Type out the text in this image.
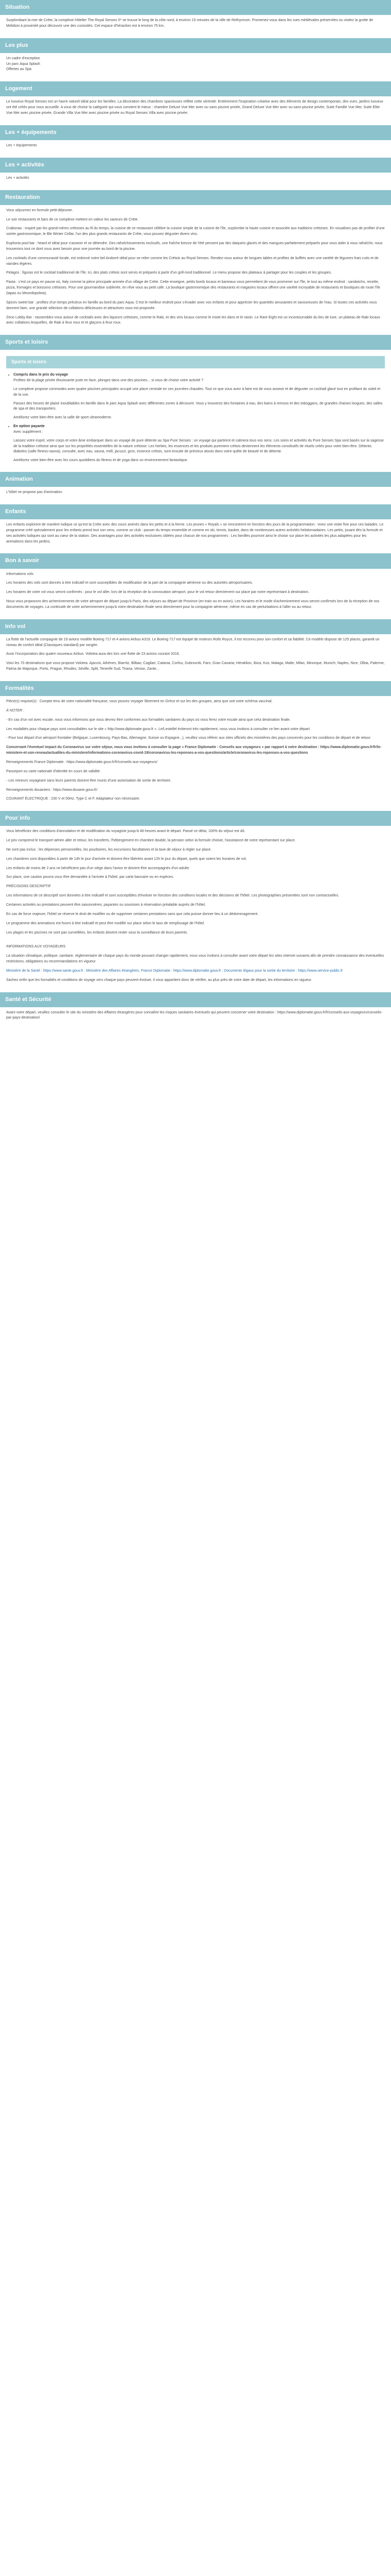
Situation

Surplombant la mer de Crète, la complexe hôtelier The Royal Senses 5* se trouve le long de la côte nord, à environ 15 minutes de la ville de Rethymnon. Promenez-vous dans les rues médiévales préservées ou visitez la grotte de Melidoni à proximité pour découvrir une des curiosités. Cet espace d'héraclion est à environ 75 km.

Les plus

Un cadre d'exception

Un parc Aqua Splash

Offertes au Spa

Logement

Le luxueux Royal Senses est un havre naturel idéal pour les familles. La décoration des chambres spacieuses reflète cette sérénité. Entièrement l'inspiration créative avec des éléments de design contemporain, des vues, jardins luxueux ont été créés pour vous accueillir. A vous de choisir la catégorie qui vous convient le mieux : chambre Deluxe Vue Mer avec ou sans piscine privée, Grand Deluxe Vue Mer avec ou sans piscine privée, Suite Famille Vue Mer, Suite Elite Vue Mer avec piscine privée, Grande Villa Vue Mer avec piscine privée ou Royal Senses Villa avec piscine privée.

Les + équipements

Les + équipements

Les + activités

Les + activités

Restauration

Vous séjournez en formule petit-déjeuner.

Le soir restaurants et bars de ce complexe mettent en valeur les saveurs de Crète.

Crabonas : inspiré par les grand-mères crétoises au fil du temps, la cuisine de ce restaurant célèbre la cuisine simple de la cuisine de l'île, surplombe la haute cuisine et associée aux traditions crétoises. En visualisez pas de profiter d'une soirée gastronomique, le Ble Winter Cellar, l'un des plus grands restaurants de Crète, vous pouvez déguster divers vins.

Euphoria pool bar : heard et idéal pour s'asseoir et se détendre. Des rafraîchissements exclusifs, une fraîche brezze de l'été pensent par des daiquiris glacés et des mangues parfaitement préparés pour vous aider à vous rafraîchir, nous trouverons tout ce dont vous avez besoin pour une journée au bord de la piscine.

Les cocktails d'une communauté locale, est ordonné notre bel Andorré idéal pour se relier comme les Crétois au Royal Senses. Rendez-vous autour de longues tables et profitez de buffets avec une variété de légumes frais cuits et de viandes légères.

Pelagos : figuras est le cocktail traditionnel de l'île. Ici, des plats crétois sont servis et préparés à partir d'un grill-rond traditionnel. Le menu propose des plateaux à partager pour les couples et les groupes.

Pasta : c'est ce pays en pause où, Italy comme la pièce principale animée d'un village de Crète. Cette enseigne, petits bords locaux et barreaux vous permettent de vous promener sur l'île, le tout au même endroit : sandwichs, recette, pizza, fromages et boissons crétoises. Pour une gourmandise sublimée, en rêve vous au petit café. La boutique gastronomique des restaurants et magasins locaux offrent une variété incroyable de restaurants et boutiques de route l'île (tapas ou Mezedopoleia).

Spices sweet bar : profitez d'un temps précieux en famille au bord du parc Aqua. C'est le meilleur endroit pour s'évader avec vos enfants et pour apprécier les quantités amusantes et savoureuses de l'eau. Si toutes ces activités vous donnent faim, une grande sélection de collations délicieuses et attractives vous est proposée.

Zeno Lobby Bar : rassemblez-vous autour de cocktails avec des liqueurs crétoises, comme le Raki, et des vins locaux comme le mixte les dans et le raisin. Le Rare Eight est un incontournable du lieu de luxe, un plateau de Raki locaux avec collations lesquelles, de Raki à feux roux et et glaçons à feux roux.

Sports et loisirs
Sports et loisirs
• Compris dans le prix du voyage
Profitez de la plage privée élouissante juste en face, plongez dans une des piscines... si vous de choisir votre activité ?
Le complexe propose commodes avec quatre piscines principales occupé une place centrale en ces journées chaudes. Tout ce que vous avez à faire est de vous asseoir et de déguster un cocktail glacé tout en profitant du soleil et de la vue.
Passez des heures de plaisir inoubliables en famille dans le parc Aqua Splash avec différentes zones à découvrir. Vous y trouverez des fontaines à eau, des bains à remous et des toboggans, de grandes chaises longues, des salles de spa et des transporters.
Améliorez votre bien-être avec la salle de sport ultramoderne.
• En option payante
Avec supplément :
Laissez votre esprit, votre corps et votre âme embarquer dans un voyage de pure détente au Spa Pure Senses : un voyage qui partirent et calmera tous vos sens. Les soins et activités du Pure Senses Spa sont basés sur la sagesse de la tradition crétoise ainsi que sur les propriétés essentielles de la nature crétoise. Les herbes, les essences et les produits purement crétois deviennent les éléments constitutifs de rituels créés pour votre bien-être. Détente, diabolos (salle fitness-sauna), consulte, avec eau, sauna, méli, jacuzzi, gros, essence crétois, sont ensuite de précieux atouts dans votre quête de beauté et de détente.
Améliorez votre bien-être avec les cours quotidiens du fitness et de yoga dans un environnement fantastique.
Animation

L'hôtel ne propose pas d'animation.

Enfants

Les enfants explorent de manière ludique ce qu'est la Crète avec des cours animés dans les petits et à la ferme. Les jeunes « Royals » se rencontrent en fonction des jours de la programmation : vivez une visite fine pour ces balades. Le programme créé spécialement pour les enfants prend tout son sens, comme un club : passer du temps ensemble et comme en ski, tennis, basket, dans de nombreuses autres activités hebdomadaires. Les petits, jouant dès la formule et ses activités ludiques qui sont au cœur de la station. Des avantages pour des activités exclusives ciblées pour chacun de nos programmes : Les familles pourront ainsi le choisir sur place les activités les plus adaptées pour les animations dans les jardins.

Bon à savoir

Informations vols

Les horaires des vols sont donnés à titre indicatif et sont susceptibles de modification de la part de la compagnie aérienne ou des autorités aéroportuaires.

Les horaires de votre vol vous seront confirmés : pour le vol aller, lors de la réception de la convocation aéroport, pour le vol retour directement sur place par notre représentant à destination.

Nous vous proposons des acheminements de votre aéroport de départ jusqu'à Paris, des séjours au départ de Province (en train ou en avion). Les horaires et le mode d'acheminement vous seront confirmés lors de la réception de vos documents de voyages. La continuité de votre acheminement jusqu'à votre destination finale sera directement pour la compagnie aérienne, même en cas de perturbations à l'aller ou au retour.

Info vol

La flotte de l'actuelle compagnie de 19 avions modèle Boeing 717 et 4 avions Airbus A319. Le Boeing 717 est équipé de moteurs Rolls Royce, il est reconnu pour son confort et sa fiabilité. Ce modèle dispose de 125 places, garantit un niveau de confort idéal (Classiques standard) par rangée.

Avoir l'incorporation des quatre nouveaux Airbus. Voletea aura des lors une flotte de 23 avions courant 2016.

Voici les 70 destinations que vous propose Volotea. Ajaccio, Athènes, Biarritz, Bilbao, Cagliari, Catania, Corfou, Dubrovnik, Faro, Gran Canaria, Héraklion, Ibiza, Kos, Malaga, Malte, Milan, Minorque, Munich, Naples, Nice, Olbia, Palerme, Palma de Majorque, Porto, Prague, Rhodes, Séville, Split, Tenerife Sud, Tirana, Venise, Zante...

Formalités

Pièce(s) requise(s) : Compte tenu de votre nationalité française, vous pouvez voyager librement en Grèce et sur les des groupes, ainsi que soit votre schéma vaccinal.

À NOTER :

- En cas d'un vol avec escale, nous vous informons que vous devrez être conformes aux formalités sanitaires du pays où vous ferez votre escale ainsi que celui destination finale.

Les modalités pour chaque pays sont consultables sur le site « http://www.diplomatie.gouv.fr ». Le/Lestellel éviteront très rapidement, nous vous invitons à consulter ce lien avant votre départ.

- Pour tout départ d'un aéroport frontalier (Belgique, Luxembourg, Pays-Bas, Allemagne, Suisse ou Espagne...), veuillez vous référer aux sites officiels des ministères des pays concernés pour les conditions de départ et de retour.

Concernant l'éventuel impact du Coronavirus sur votre séjour, nous vous invitons à consulter la page « France Diplomatie - Conseils aux voyageurs » par rapport à votre destination : https://www.diplomatie.gouv.fr/fr/le-ministere-et-son-reseau/actualites-du-ministere/informations-coronavirus-covid-19/coronavirus-les-reponses-a-vos-questions/article/coronavirus-les-reponses-a-vos-questions

Renseignements France Diplomatie : https://www.diplomatie.gouv.fr/fr/conseils-aux-voyageurs/

Passeport ou carte nationale d'identité en cours de validité.

- Les mineurs voyageant sans leurs parents doivent être munis d'une autorisation de sortie de territoire.

Renseignements douaniers : https://www.douane.gouv.fr/

COURANT ÉLECTRIQUE : 230 V et 50Hz. Type C et F. Adaptateur non nécessaire.

Pour info

Vous bénéficiez des conditions d'annulation et de modification du voyagiste jusqu'à 48 heures avant le départ. Passé ce délai, 100% du séjour est dû.

Le prix comprend le transport aérien aller et retour, les transferts, l'hébergement en chambre double, la pension selon la formule choisie, l'assistance de notre représentant sur place.

Ne sont pas inclus : les dépenses personnelles, les pourboires, les excursions facultatives et la taxe de séjour à régler sur place.

Les chambres sont disponibles à partir de 14h le jour d'arrivée et doivent être libérées avant 12h le jour du départ, quels que soient les horaires de vol.

Les enfants de moins de 2 ans ne bénéficient pas d'un siège dans l'avion et doivent être accompagnés d'un adulte.

Sur place, une caution pourra vous être demandée à l'arrivée à l'hôtel, par carte bancaire ou en espèces.

PRÉCISIONS DESCRIPTIF

Les informations de ce descriptif sont données à titre indicatif et sont susceptibles d'évoluer en fonction des conditions locales et des décisions de l'hôtel. Les photographies présentées sont non contractuelles.

Certaines activités ou prestations peuvent être saisonnières, payantes ou soumises à réservation préalable auprès de l'hôtel.

En cas de force majeure, l'hôtel se réserve le droit de modifier ou de supprimer certaines prestations sans que cela puisse donner lieu à un dédommagement.

Le programme des animations est fourni à titre indicatif et peut être modifié sur place selon le taux de remplissage de l'hôtel.

Les plages et les piscines ne sont pas surveillées, les enfants doivent rester sous la surveillance de leurs parents.

INFORMATIONS AUX VOYAGEURS

La situation climatique, politique, sanitaire, réglementaire de chaque pays du monde pouvant changer rapidement, nous vous invitons à consulter avant votre départ les sites internet suivants afin de prendre connaissance des éventuelles restrictions, obligations ou recommandations en vigueur.

Ministère de la Santé : https://www.sante.gouv.fr ; Ministère des Affaires étrangères, France Diplomatie : https://www.diplomatie.gouv.fr ; Documents légaux pour la sortie du territoire : https://www.service-public.fr

Sachez enfin que les formalités et conditions de voyage vers chaque pays peuvent évoluer, il vous appartient donc de vérifier, au plus près de votre date de départ, les informations en vigueur.

Santé et Sécurité

Avant votre départ, veuillez consulter le site du ministère des Affaires étrangères pour connaître les risques sanitaires éventuels qui peuvent concerner votre destination : https://www.diplomatie.gouv.fr/fr/conseils-aux-voyageurs/conseils-par-pays-destination/
